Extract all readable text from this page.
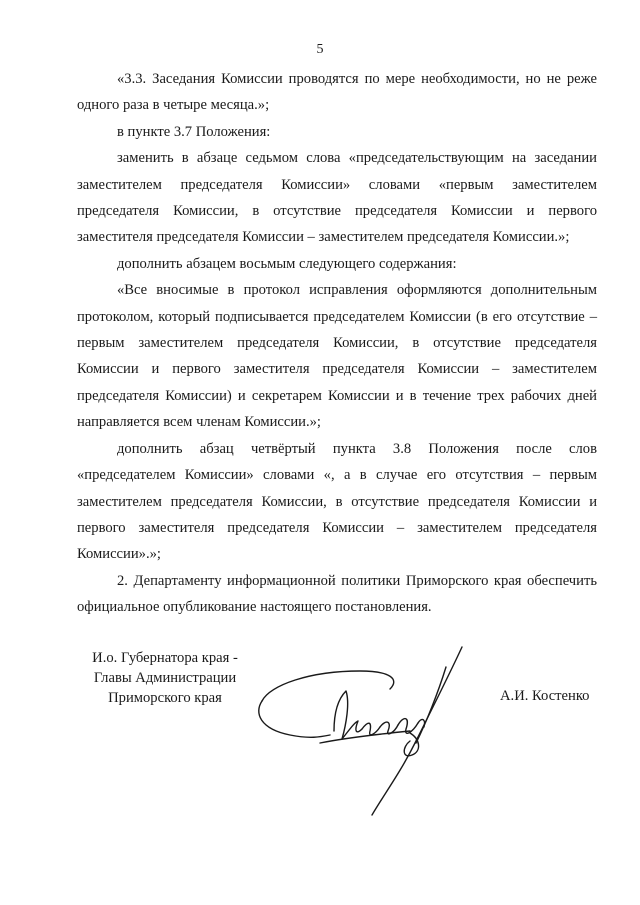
5

«3.3. Заседания Комиссии проводятся по мере необходимости, но не реже одного раза в четыре месяца.»;

в пункте 3.7 Положения:

заменить в абзаце седьмом слова «председательствующим на заседании заместителем председателя Комиссии» словами «первым заместителем председателя Комиссии, в отсутствие председателя Комиссии и первого заместителя председателя Комиссии – заместителем председателя Комиссии.»;

дополнить абзацем восьмым следующего содержания:

«Все вносимые в протокол исправления оформляются дополнительным протоколом, который подписывается председателем Комиссии (в его отсутствие – первым заместителем председателя Комиссии, в отсутствие председателя Комиссии и первого заместителя председателя Комиссии – заместителем председателя Комиссии) и секретарем Комиссии и в течение трех рабочих дней направляется всем членам Комиссии.»;

дополнить абзац четвёртый пункта 3.8 Положения после слов «председателем Комиссии» словами «, а в случае его отсутствия – первым заместителем председателя Комиссии, в отсутствие председателя Комиссии и первого заместителя председателя Комиссии – заместителем председателя Комиссии».»;

2. Департаменту информационной политики Приморского края обеспечить официальное опубликование настоящего постановления.

И.о. Губернатора края -
Главы Администрации
Приморского края	А.И. Костенко
